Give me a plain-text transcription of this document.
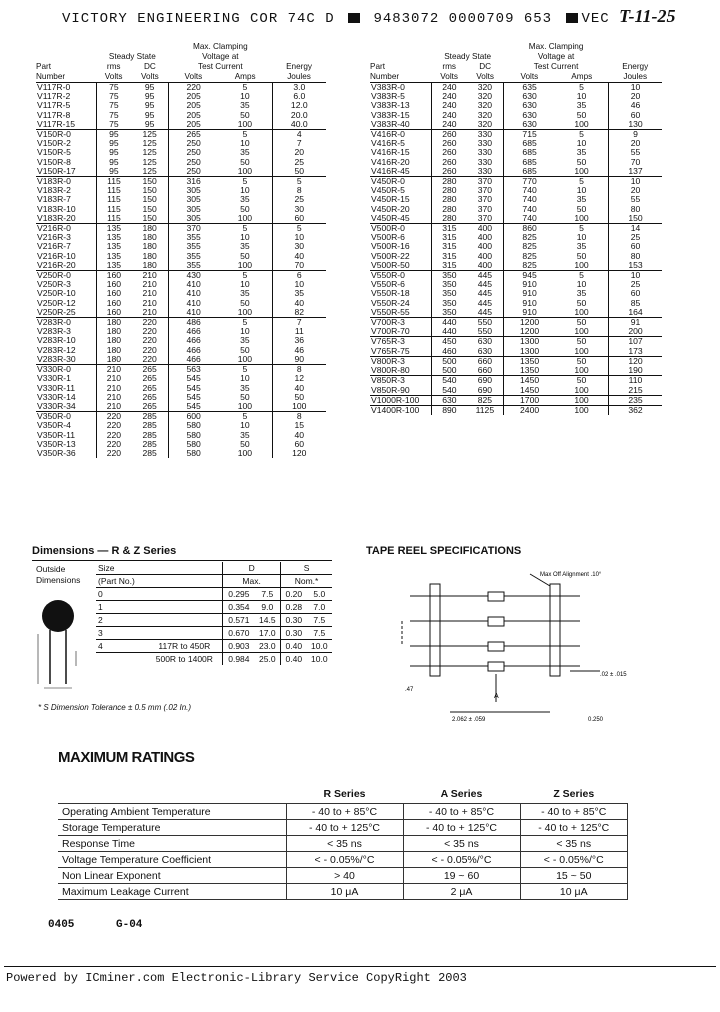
VICTORY ENGINEERING COR 74C D	9483072 0000709 653 VEC T-11-25
			Max. Clamping		
	Steady State		Voltage at		
Part	rms	DC	Test Current		Energy
Number	Volts	Volts	Volts	Amps	Joules
V117R-0	75	95	220	5	3.0
V117R-2	75	95	205	10	6.0
V117R-5	75	95	205	35	12.0
V117R-8	75	95	205	50	20.0
V117R-15	75	95	205	100	40.0
V150R-0	95	125	265	5	4
V150R-2	95	125	250	10	7
V150R-5	95	125	250	35	20
V150R-8	95	125	250	50	25
V150R-17	95	125	250	100	50
V183R-0	115	150	316	5	5
V183R-2	115	150	305	10	8
V183R-7	115	150	305	35	25
V183R-10	115	150	305	50	30
V183R-20	115	150	305	100	60
V216R-0	135	180	370	5	5
V216R-3	135	180	355	10	10
V216R-7	135	180	355	35	30
V216R-10	135	180	355	50	40
V216R-20	135	180	355	100	70
V250R-0	160	210	430	5	6
V250R-3	160	210	410	10	10
V250R-10	160	210	410	35	35
V250R-12	160	210	410	50	40
V250R-25	160	210	410	100	82
V283R-0	180	220	486	5	7
V283R-3	180	220	466	10	11
V283R-10	180	220	466	35	36
V283R-12	180	220	466	50	46
V283R-30	180	220	466	100	90
V330R-0	210	265	563	5	8
V330R-1	210	265	545	10	12
V330R-11	210	265	545	35	40
V330R-14	210	265	545	50	50
V330R-34	210	265	545	100	100
V350R-0	220	285	600	5	8
V350R-4	220	285	580	10	15
V350R-11	220	285	580	35	40
V350R-13	220	285	580	50	60
V350R-36	220	285	580	100	120
			Max. Clamping		
	Steady State		Voltage at		
Part	rms	DC	Test Current		Energy
Number	Volts	Volts	Volts	Amps	Joules
V383R-0	240	320	635	5	10
V383R-5	240	320	630	10	20
V383R-13	240	320	630	35	46
V383R-15	240	320	630	50	60
V383R-40	240	320	630	100	130
V416R-0	260	330	715	5	9
V416R-5	260	330	685	10	20
V416R-15	260	330	685	35	55
V416R-20	260	330	685	50	70
V416R-45	260	330	685	100	137
V450R-0	280	370	770	5	10
V450R-5	280	370	740	10	20
V450R-15	280	370	740	35	55
V450R-20	280	370	740	50	80
V450R-45	280	370	740	100	150
V500R-0	315	400	860	5	14
V500R-6	315	400	825	10	25
V500R-16	315	400	825	35	60
V500R-22	315	400	825	50	80
V500R-50	315	400	825	100	153
V550R-0	350	445	945	5	10
V550R-6	350	445	910	10	25
V550R-18	350	445	910	35	60
V550R-24	350	445	910	50	85
V550R-55	350	445	910	100	164
V700R-3	440	550	1200	50	91
V700R-70	440	550	1200	100	200
V765R-3	450	630	1300	50	107
V765R-75	460	630	1300	100	173
V800R-3	500	660	1350	50	120
V800R-80	500	660	1350	100	190
V850R-3	540	690	1450	50	110
V850R-90	540	690	1450	100	215
V1000R-100	630	825	1700	100	235
V1400R-100	890	1125	2400	100	362
Dimensions — R & Z Series
Outside
Dimensions
Size		D		S	
(Part No.)		Max.		Nom.*	
0		0.295	7.5	0.20	5.0
1		0.354	9.0	0.28	7.0
2		0.571	14.5	0.30	7.5
3		0.670	17.0	0.30	7.5
4	117R to 450R	0.903	23.0	0.40	10.0
	500R to 1400R	0.984	25.0	0.40	10.0
* S Dimension Tolerance ± 0.5 mm (.02 In.)
TAPE REEL SPECIFICATIONS
Max Off Alignment .10°
.02 ± .015
.47
A
2.062 ± .059	0.250
MAXIMUM RATINGS
	R Series	A Series	Z Series
Operating Ambient Temperature	- 40 to + 85°C	- 40 to + 85°C	- 40 to + 85°C
Storage Temperature	- 40 to + 125°C	- 40 to + 125°C	- 40 to + 125°C
Response Time	< 35 ns	< 35 ns	< 35 ns
Voltage Temperature Coefficient	< - 0.05%/°C	< - 0.05%/°C	< - 0.05%/°C
Non Linear Exponent	> 40	19 ~ 60	15 ~ 50
Maximum Leakage Current	10 μA	2 μA	10 μA
0405	G-04
Powered by ICminer.com Electronic-Library Service CopyRight 2003
